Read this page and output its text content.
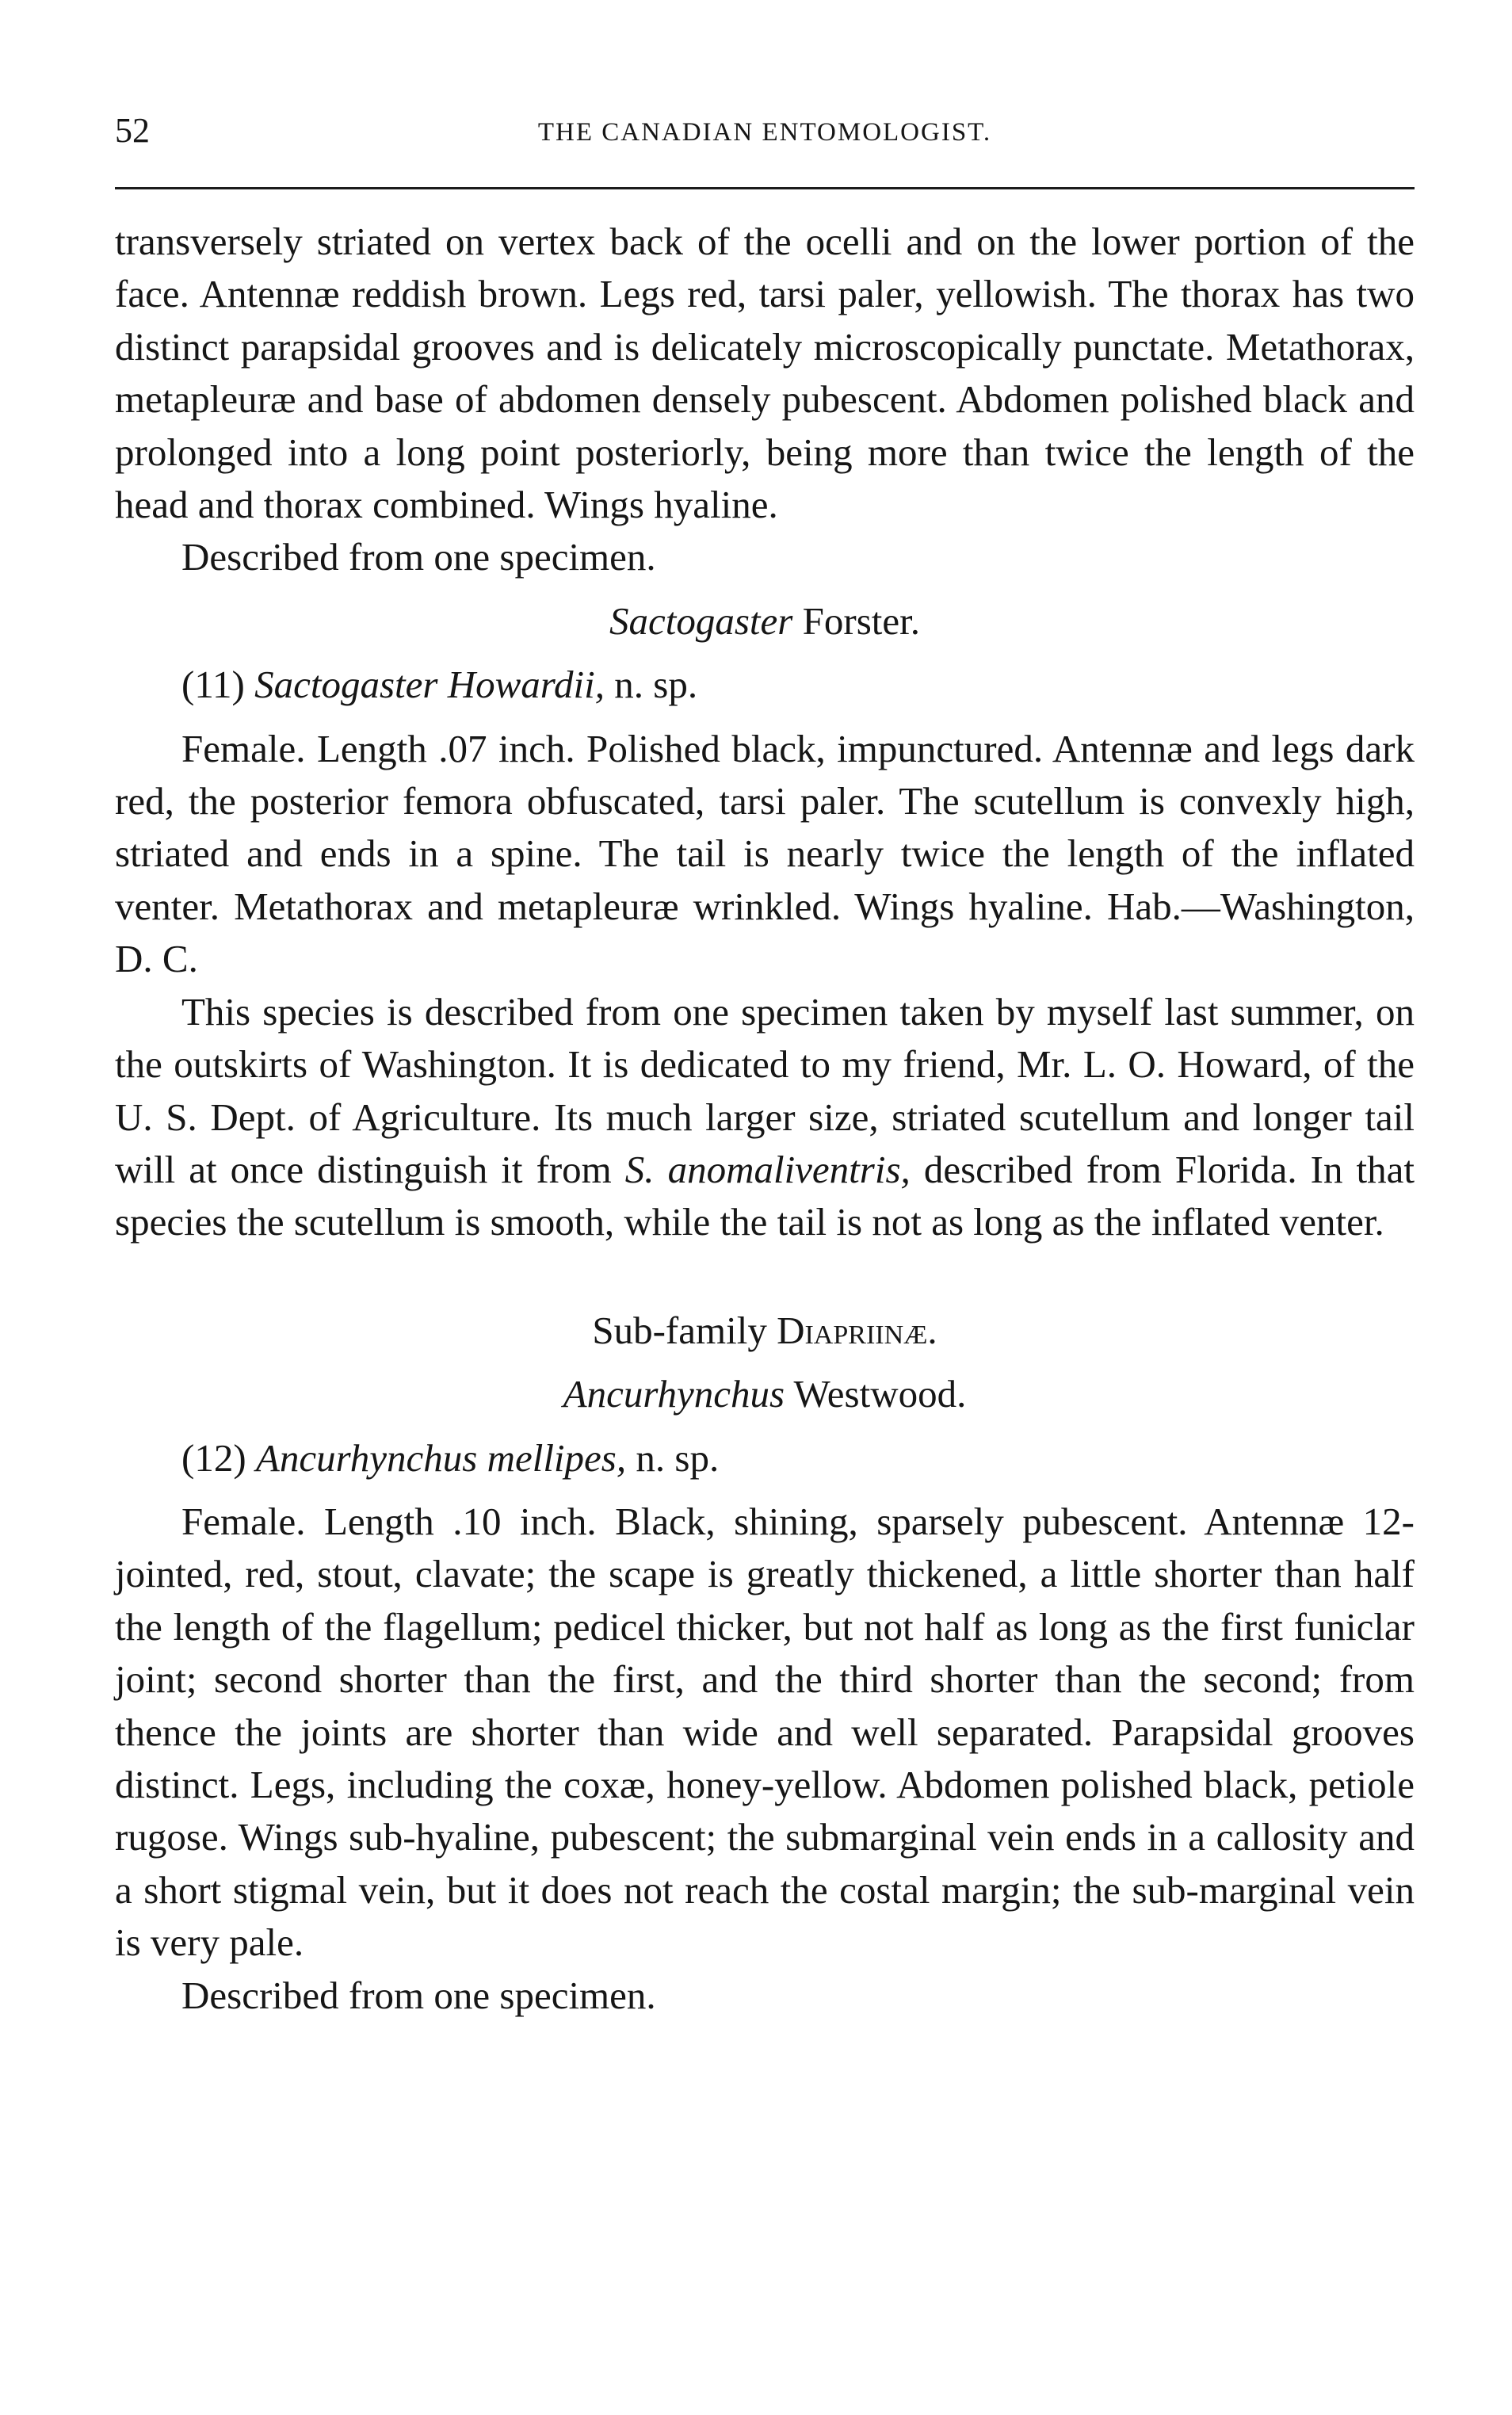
52	THE CANADIAN ENTOMOLOGIST.

transversely striated on vertex back of the ocelli and on the lower portion of the face. Antennæ reddish brown. Legs red, tarsi paler, yellowish. The thorax has two distinct parapsidal grooves and is delicately microscopically punctate. Metathorax, metapleuræ and base of abdomen densely pubescent. Abdomen polished black and prolonged into a long point posteriorly, being more than twice the length of the head and thorax combined. Wings hyaline.

Described from one specimen.

Sactogaster Forster.

(11) Sactogaster Howardii, n. sp.

Female. Length .07 inch. Polished black, impunctured. Antennæ and legs dark red, the posterior femora obfuscated, tarsi paler. The scutellum is convexly high, striated and ends in a spine. The tail is nearly twice the length of the inflated venter. Metathorax and metapleuræ wrinkled. Wings hyaline. Hab.—Washington, D. C.

This species is described from one specimen taken by myself last summer, on the outskirts of Washington. It is dedicated to my friend, Mr. L. O. Howard, of the U. S. Dept. of Agriculture. Its much larger size, striated scutellum and longer tail will at once distinguish it from S. anomaliventris, described from Florida. In that species the scutellum is smooth, while the tail is not as long as the inflated venter.

Sub-family Diapriinæ.

Ancurhynchus Westwood.

(12) Ancurhynchus mellipes, n. sp.

Female. Length .10 inch. Black, shining, sparsely pubescent. Antennæ 12-jointed, red, stout, clavate; the scape is greatly thickened, a little shorter than half the length of the flagellum; pedicel thicker, but not half as long as the first funiclar joint; second shorter than the first, and the third shorter than the second; from thence the joints are shorter than wide and well separated. Parapsidal grooves distinct. Legs, including the coxæ, honey-yellow. Abdomen polished black, petiole rugose. Wings sub-hyaline, pubescent; the submarginal vein ends in a callosity and a short stigmal vein, but it does not reach the costal margin; the sub-marginal vein is very pale.

Described from one specimen.
